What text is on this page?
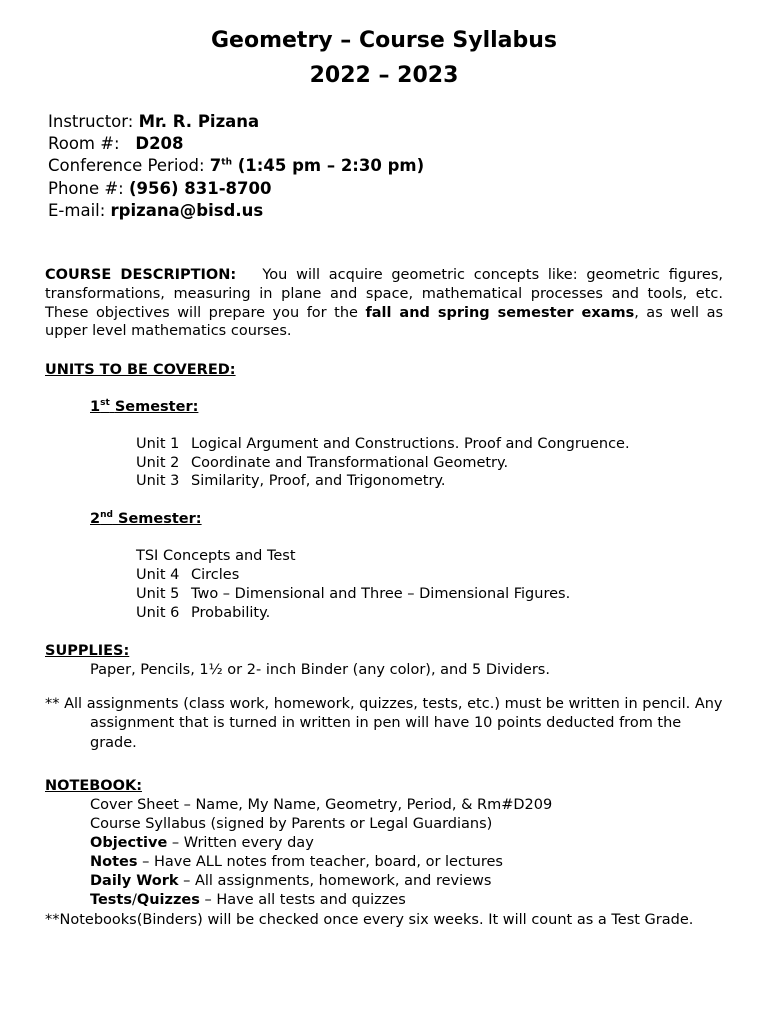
Geometry – Course Syllabus
2022 – 2023
Instructor: Mr. R. Pizana
Room #: D208
Conference Period: 7th (1:45 pm – 2:30 pm)
Phone #: (956) 831-8700
E-mail: rpizana@bisd.us
COURSE DESCRIPTION: You will acquire geometric concepts like: geometric figures, transformations, measuring in plane and space, mathematical processes and tools, etc. These objectives will prepare you for the fall and spring semester exams, as well as upper level mathematics courses.
UNITS TO BE COVERED:
1st Semester:
Unit 1 Logical Argument and Constructions. Proof and Congruence.
Unit 2 Coordinate and Transformational Geometry.
Unit 3 Similarity, Proof, and Trigonometry.
2nd Semester:
TSI Concepts and Test
Unit 4 Circles
Unit 5 Two – Dimensional and Three – Dimensional Figures.
Unit 6 Probability.
SUPPLIES:
Paper, Pencils, 1½ or 2- inch Binder (any color), and 5 Dividers.
** All assignments (class work, homework, quizzes, tests, etc.) must be written in pencil. Any
assignment that is turned in written in pen will have 10 points deducted from the
grade.
NOTEBOOK:
Cover Sheet – Name, My Name, Geometry, Period, & Rm#D209
Course Syllabus (signed by Parents or Legal Guardians)
Objective – Written every day
Notes – Have ALL notes from teacher, board, or lectures
Daily Work – All assignments, homework, and reviews
Tests/Quizzes – Have all tests and quizzes
**Notebooks(Binders) will be checked once every six weeks. It will count as a Test Grade.
